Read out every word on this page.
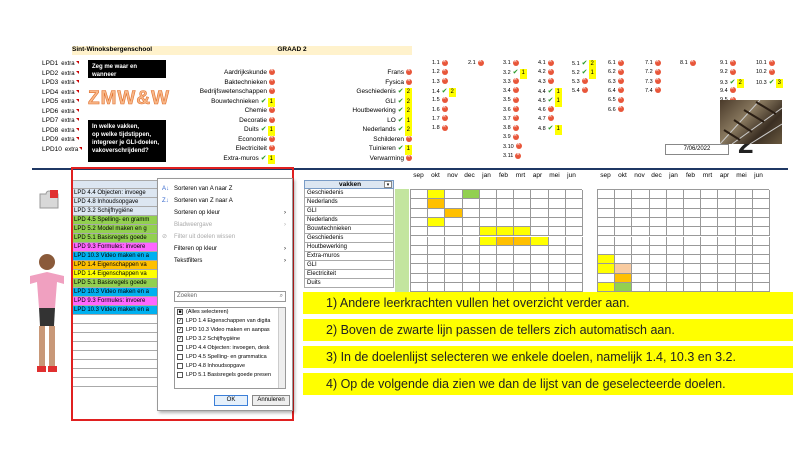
Sint-Winoksbergenschool	GRAAD 2
LPD1 extra
LPD2 extra
LPD3 extra
LPD4 extra
LPD5 extra
LPD6 extra
LPD7 extra
LPD8 extra
LPD9 extra
LPD10 extra
Zeg me waar en wanneer
ZMW&W
In welke vakken,
op welke tijdstippen,
integreer je GLI-doelen,
vakoverschrijdend?
Aardrijkskunde×
Baktechnieken×
Bedrijfswetenschappen×
Bouwtechnieken ✔ 1
Chemie×
Decoratie×
Duits ✔ 1
Economie×
Electriciteit×
Extra-muros ✔ 1
Frans×
Fysica×
Geschiedenis ✔ 2
GLI ✔ 2
Houtbewerking ✔ 2
LO ✔ 1
Nederlands ✔ 2
Schilderen×
Tuinieren ✔ 1
Verwarming×
1.1×
1.2×
1.3×
1.4 ✔ 2
1.5×
1.6×
1.7×
1.8×
2.1 ×	3.1×
3.2 ✔ 1
3.3×
3.4×
3.5×
3.6×
3.7×
3.8×
3.9×
3.10×
3.11×
4.1×
4.2×
4.3×
4.4 ✔ 1
4.5 ✔ 1
4.6×
4.7×
4.8 ✔ 1
5.1 ✔ 2
5.2 ✔ 1
5.3×
5.4×
6.1×
6.2×
6.3×
6.4×
6.5×
6.6×
7.1×
7.2×
7.3×
7.4×
8.1 ×	9.1×
9.2×
9.3 ✔ 2
9.4×
×
10.1×
10.2×
10.3 ✔ 3
7/06/2022
vakken	▾
LPD 4.4 Objecten: invoege
LPD 4.8 Inhoudsopgave
LPD 3.2 Schijfhygiëne
LPD 4.5 Spelling- en gramm
LPD 5.2 Model maken en g
LPD 5.1 Basisregels goede
LPD 9.3 Formules: invoere
LPD 10.3 Video maken en a
LPD 1.4 Eigenschappen va
LPD 1.4 Eigenschappen va
LPD 5.1 Basisregels goede
LPD 10.3 Video maken en a
LPD 9.3 Formules: invoere
LPD 10.3 Video maken en a
Geschiedenis
Nederlands
GLI
Nederlands
Bouwtechnieken
Geschiedenis
Houtbewerking
Extra-muros
GLI
Electriciteit
Duits
sep okt nov dec jan feb mrt apr mei jun	sep okt nov dec jan feb mrt apr mei jun
A↓ Sorteren van A naar Z
Z↓ Sorteren van Z naar A
Sorteren op kleur	›
Bladweergave	›
⊘ Filter uit doelen wissen
Filteren op kleur	›
Tekstfilters	›
Zoeken	⌕
■ (Alles selecteren)
✓ LPD 1.4 Eigenschappen van digita
✓ LPD 10.3 Video maken en aanpas
✓ LPD 3.2 Schijfhygiëne
LPD 4.4 Objecten: invoegen, desk
LPD 4.5 Spelling- en grammatica
LPD 4.8 Inhoudsopgave
LPD 5.1 Basisregels goede presen
OK	Annuleren
1) Andere leerkrachten vullen het overzicht verder aan.
2) Boven de zwarte lijn passen de tellers zich automatisch aan.
3) In de doelenlijst selecteren we enkele doelen, namelijk 1.4, 10.3 en 3.2.
4) Op de volgende dia zien we dan de lijst van de geselecteerde doelen.
